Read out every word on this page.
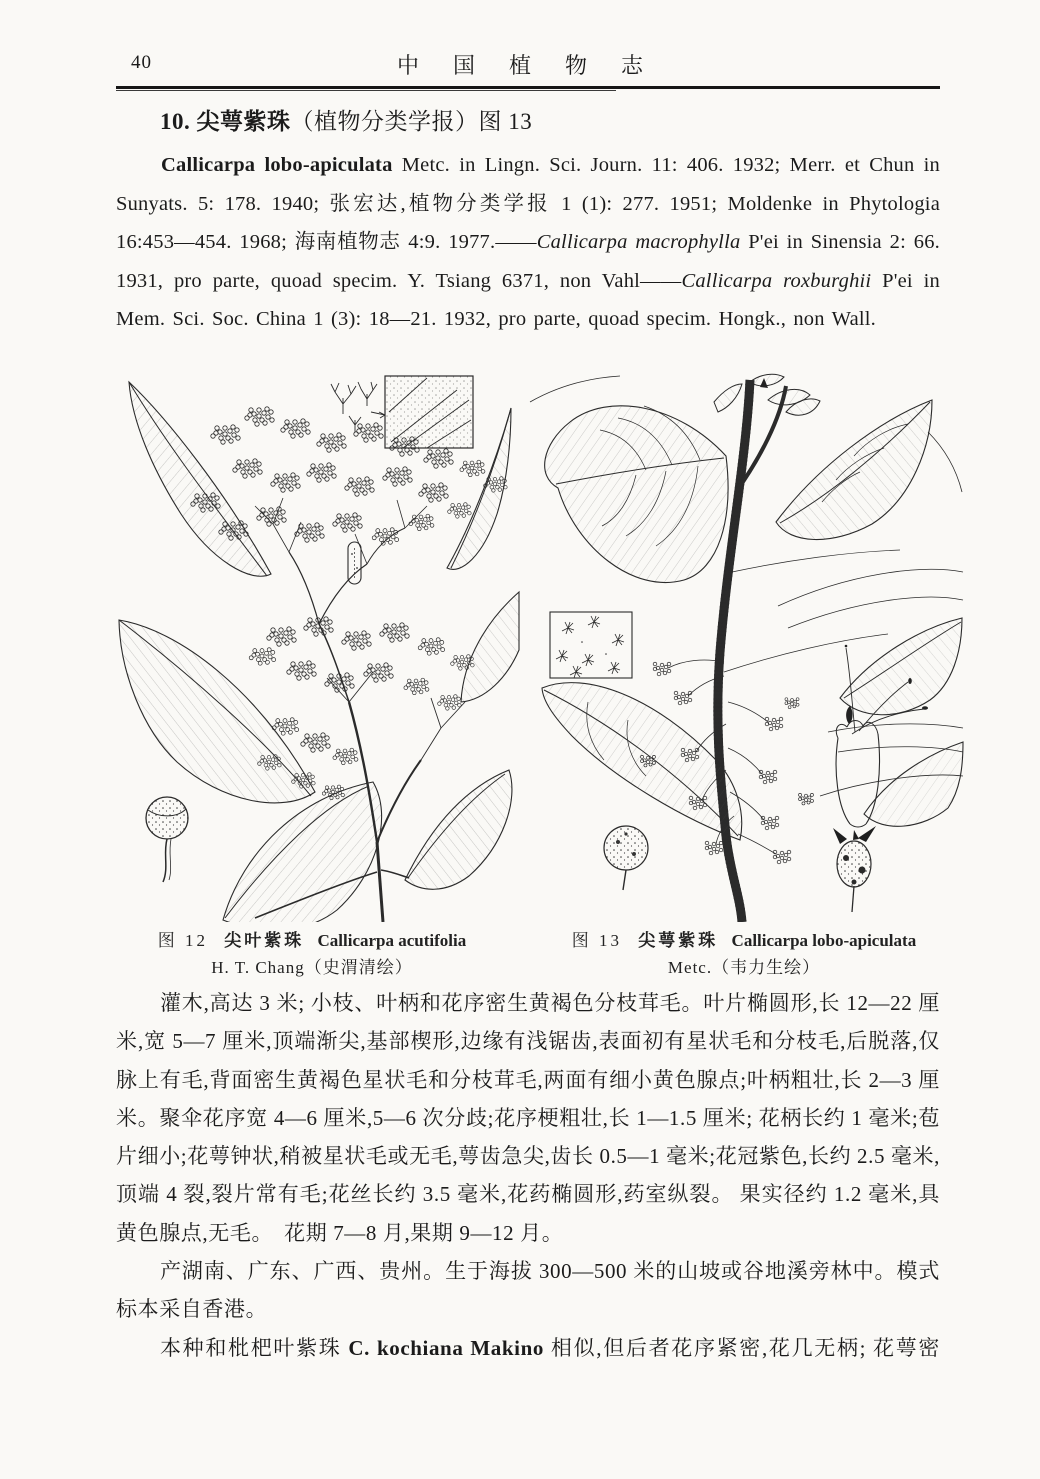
40	中国植物志
10. 尖萼紫珠（植物分类学报）图 13
Callicarpa lobo-apiculata Metc. in Lingn. Sci. Journ. 11: 406. 1932; Merr. et Chun in Sunyats. 5: 178. 1940; 张宏达,植物分类学报 1 (1): 277. 1951; Moldenke in Phytologia 16:453—454. 1968; 海南植物志 4:9. 1977.——Callicarpa macrophylla P'ei in Sinensia 2: 66. 1931, pro parte, quoad specim. Y. Tsiang 6371, non Vahl——Callicarpa roxburghii P'ei in Mem. Sci. Soc. China 1 (3): 18—21. 1932, pro parte, quoad specim. Hongk., non Wall.
图 12 尖叶紫珠 Callicarpa acutifolia
H. T. Chang（史渭清绘）
图 13 尖萼紫珠 Callicarpa lobo-apiculata
Metc.（韦力生绘）

灌木,高达 3 米; 小枝、叶柄和花序密生黄褐色分枝茸毛。叶片椭圆形,长 12—22 厘米,宽 5—7 厘米,顶端渐尖,基部楔形,边缘有浅锯齿,表面初有星状毛和分枝毛,后脱落,仅脉上有毛,背面密生黄褐色星状毛和分枝茸毛,两面有细小黄色腺点;叶柄粗壮,长 2—3 厘米。聚伞花序宽 4—6 厘米,5—6 次分歧;花序梗粗壮,长 1—1.5 厘米; 花柄长约 1 毫米;苞片细小;花萼钟状,稍被星状毛或无毛,萼齿急尖,齿长 0.5—1 毫米;花冠紫色,长约 2.5 毫米,顶端 4 裂,裂片常有毛;花丝长约 3.5 毫米,花药椭圆形,药室纵裂。 果实径约 1.2 毫米,具黄色腺点,无毛。　花期 7—8 月,果期 9—12 月。

产湖南、广东、广西、贵州。生于海拔 300—500 米的山坡或谷地溪旁林中。模式标本采自香港。

本种和枇杷叶紫珠 C. kochiana Makino 相似,但后者花序紧密,花几无柄; 花萼密
